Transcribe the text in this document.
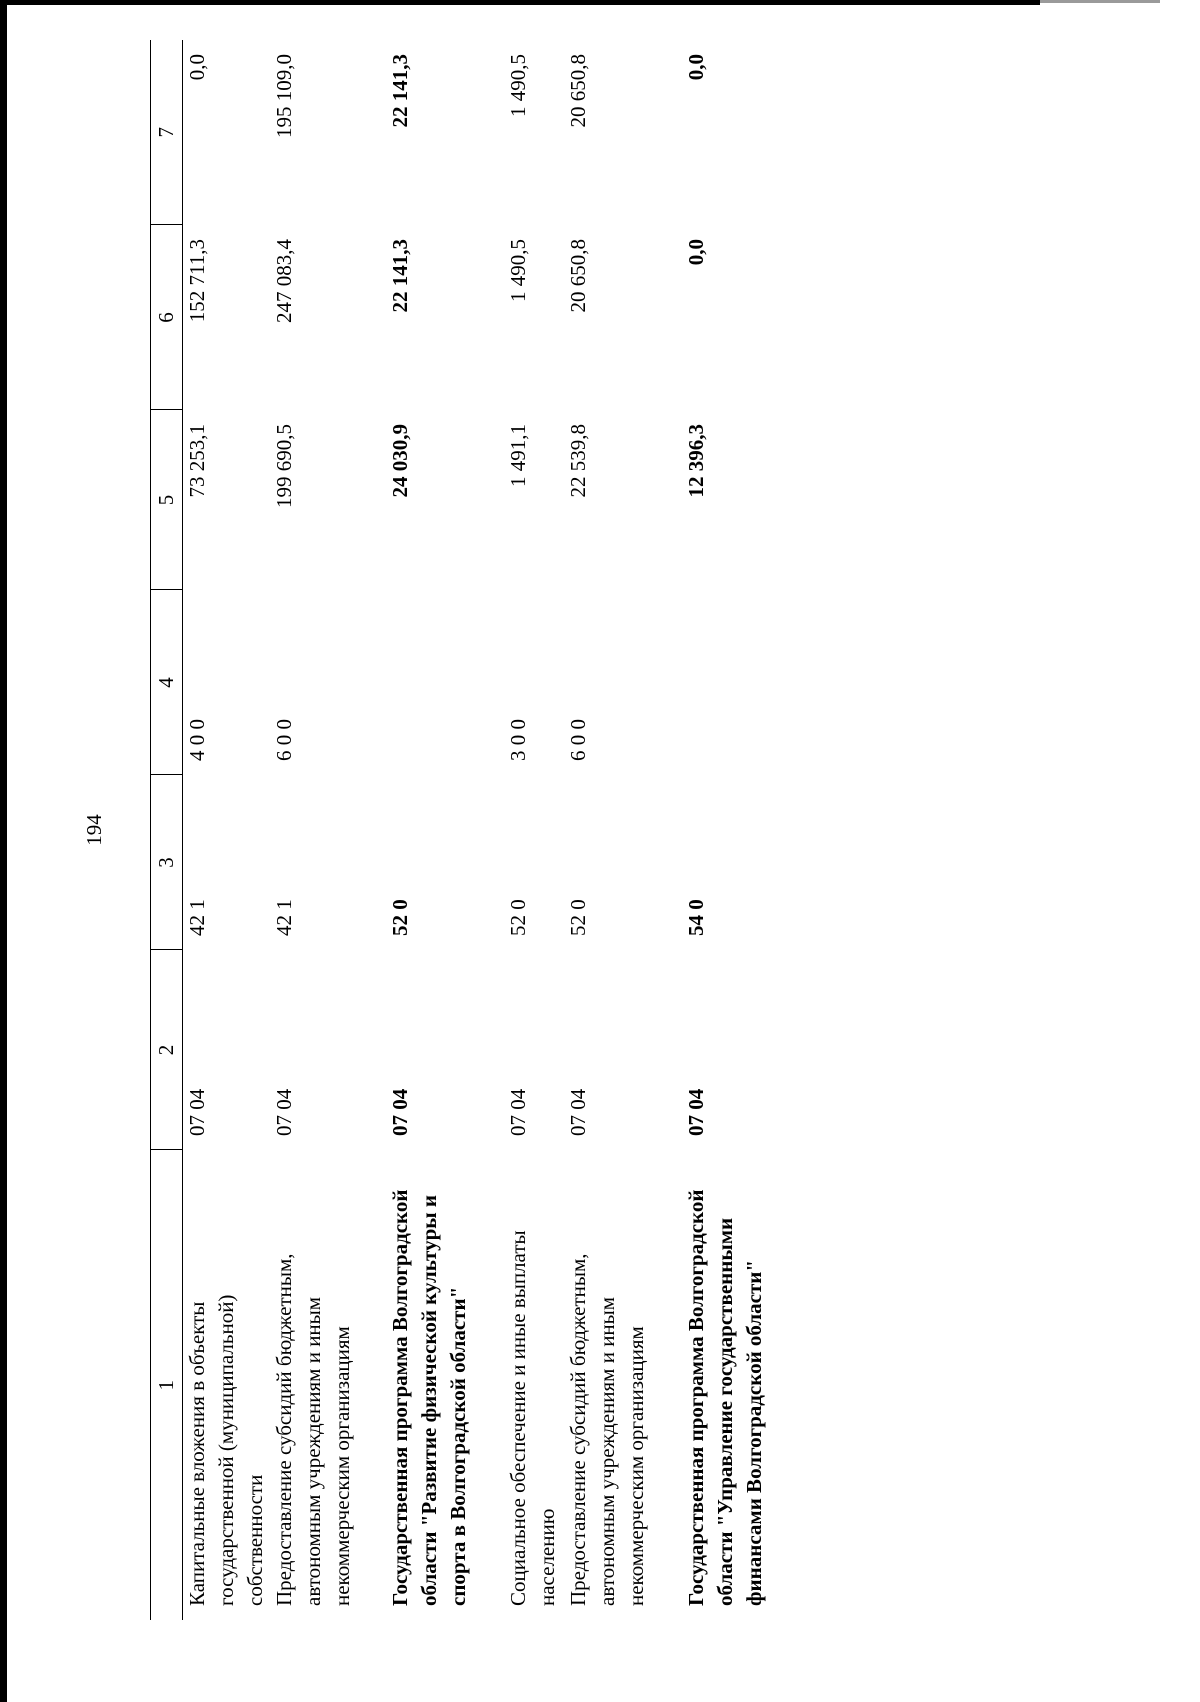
194
1	2	3	4	5	6	7
Капитальные вложения в объекты государственной (муниципальной) собственности	07 04	42 1	4 0 0	73 253,1	152 711,3	0,0
Предоставление субсидий бюджетным, автономным учреждениям и иным некоммерческим организациям	07 04	42 1	6 0 0	199 690,5	247 083,4	195 109,0
Государственная программа Волгоградской области "Развитие физической культуры и спорта в Волгоградской области"	07 04	52 0		24 030,9	22 141,3	22 141,3
Социальное обеспечение и иные выплаты населению	07 04	52 0	3 0 0	1 491,1	1 490,5	1 490,5
Предоставление субсидий бюджетным, автономным учреждениям и иным некоммерческим организациям	07 04	52 0	6 0 0	22 539,8	20 650,8	20 650,8
Государственная программа Волгоградской области "Управление государственными финансами Волгоградской области"	07 04	54 0		12 396,3	0,0	0,0
